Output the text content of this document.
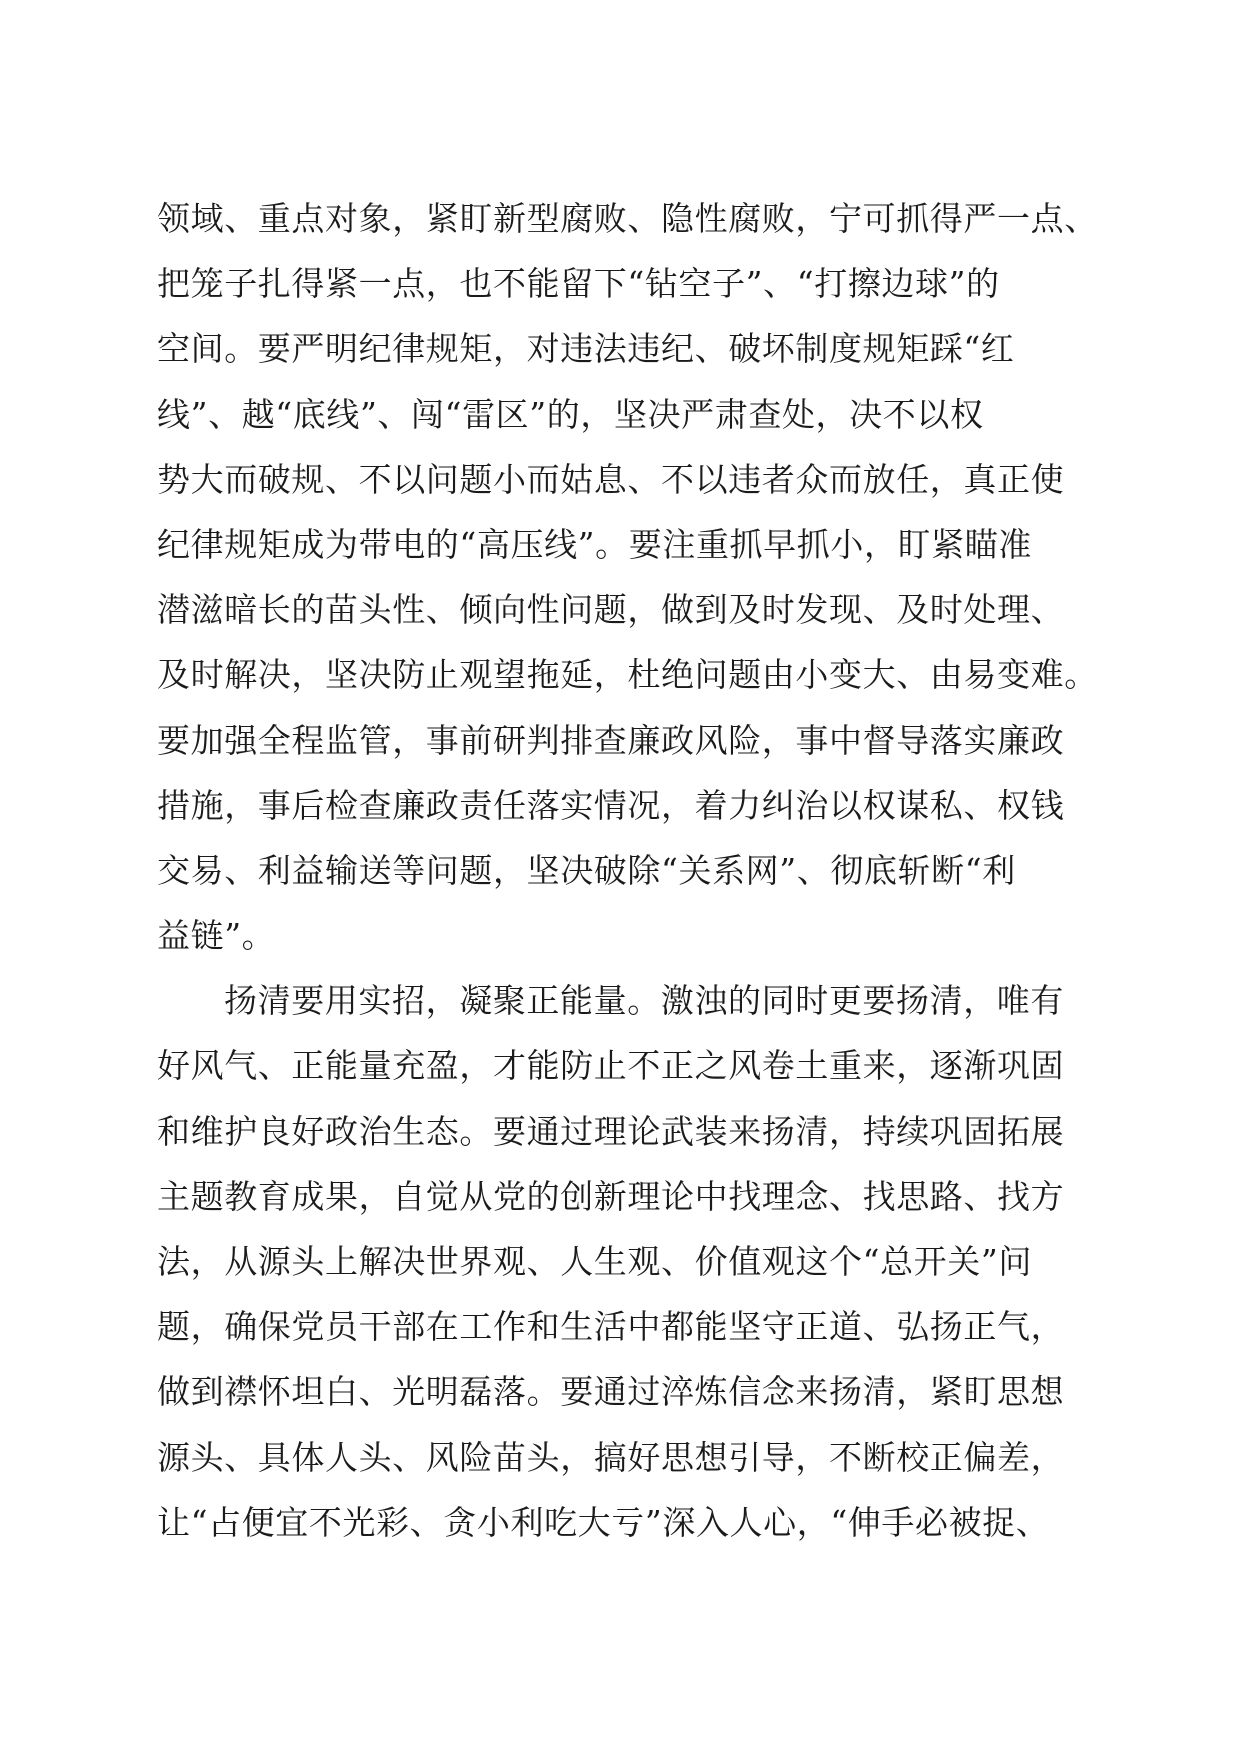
领域、重点对象，紧盯新型腐败、隐性腐败，宁可抓得严一点、
把笼子扎得紧一点，也不能留下“钻空子”、“打擦边球”的
空间。要严明纪律规矩，对违法违纪、破坏制度规矩踩“红
线”、越“底线”、闯“雷区”的，坚决严肃查处，决不以权
势大而破规、不以问题小而姑息、不以违者众而放任，真正使
纪律规矩成为带电的“高压线”。要注重抓早抓小，盯紧瞄准
潜滋暗长的苗头性、倾向性问题，做到及时发现、及时处理、
及时解决，坚决防止观望拖延，杜绝问题由小变大、由易变难。
要加强全程监管，事前研判排查廉政风险，事中督导落实廉政
措施，事后检查廉政责任落实情况，着力纠治以权谋私、权钱
交易、利益输送等问题，坚决破除“关系网”、彻底斩断“利
益链”。
扬清要用实招，凝聚正能量。激浊的同时更要扬清，唯有
好风气、正能量充盈，才能防止不正之风卷土重来，逐渐巩固
和维护良好政治生态。要通过理论武装来扬清，持续巩固拓展
主题教育成果，自觉从党的创新理论中找理念、找思路、找方
法，从源头上解决世界观、人生观、价值观这个“总开关”问
题，确保党员干部在工作和生活中都能坚守正道、弘扬正气，
做到襟怀坦白、光明磊落。要通过淬炼信念来扬清，紧盯思想
源头、具体人头、风险苗头，搞好思想引导，不断校正偏差，
让“占便宜不光彩、贪小利吃大亏”深入人心，“伸手必被捉、
